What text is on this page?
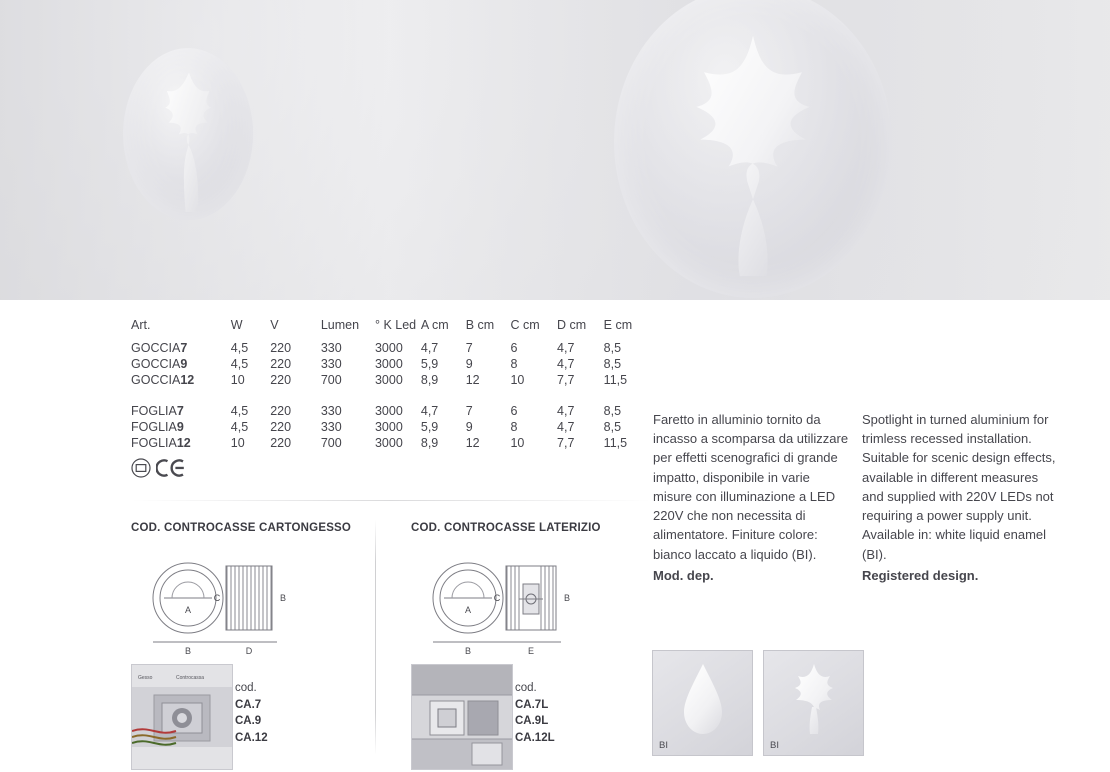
Art.	W	V	Lumen	° K Led	A cm	B cm	C cm	D cm	E cm
GOCCIA7	4,5	220	330	3000	4,7	7	6	4,7	8,5
GOCCIA9	4,5	220	330	3000	5,9	9	8	4,7	8,5
GOCCIA12	10	220	700	3000	8,9	12	10	7,7	11,5

FOGLIA7	4,5	220	330	3000	4,7	7	6	4,7	8,5
FOGLIA9	4,5	220	330	3000	5,9	9	8	4,7	8,5
FOGLIA12	10	220	700	3000	8,9	12	10	7,7	11,5
COD. CONTROCASSE CARTONGESSO
A
B
C	B
D
Gesso	Controcassa
cod.
CA.7
CA.9
CA.12
COD. CONTROCASSE LATERIZIO
A
B
C	B
E
cod.
CA.7L
CA.9L
CA.12L
Faretto in alluminio tornito da incasso a scomparsa da utilizzare per effetti scenografici di grande impatto, disponibile in varie misure con illuminazione a LED 220V che non necessita di alimentatore. Finiture colore: bianco laccato a liquido (BI).
Mod. dep.
Spotlight in turned aluminium for trimless recessed installation. Suitable for scenic design effects, available in different measures and supplied with 220V LEDs not requiring a power supply unit. Available in: white liquid enamel (BI).
Registered design.
BI	BI
